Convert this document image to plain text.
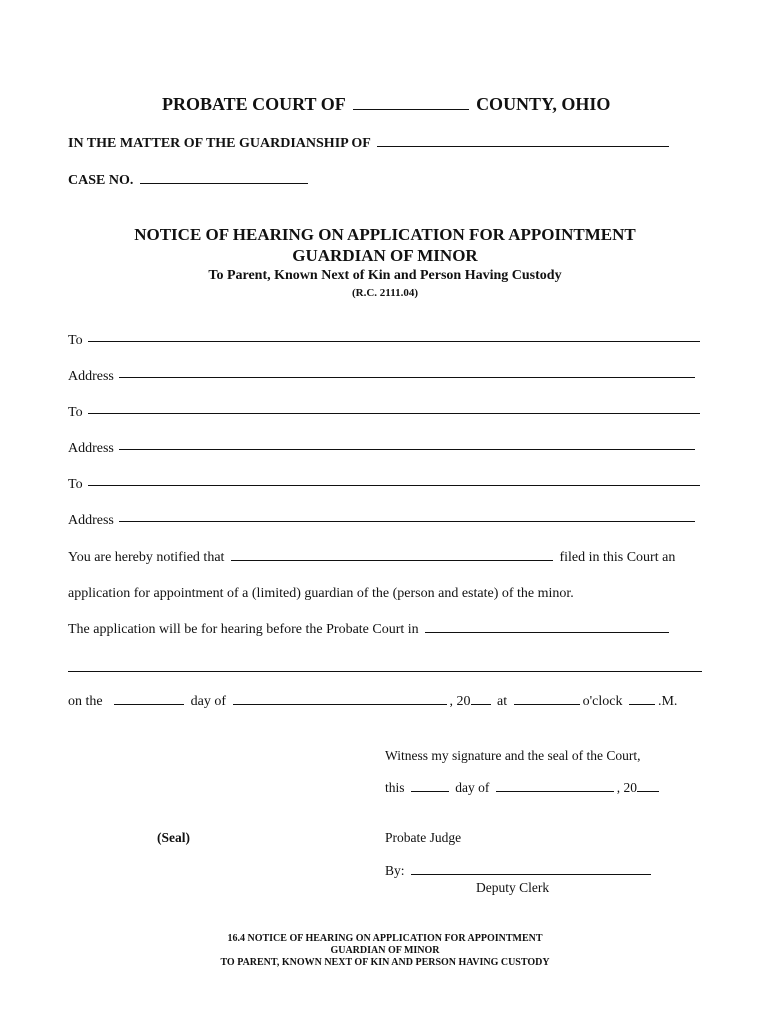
PROBATE COURT OF	COUNTY, OHIO
IN THE MATTER OF THE GUARDIANSHIP OF
CASE NO.
NOTICE OF HEARING ON APPLICATION FOR APPOINTMENT
GUARDIAN OF MINOR
To Parent, Known Next of Kin and Person Having Custody
(R.C. 2111.04)
To
Address
To
Address
To
Address
You are hereby notified that	filed in this Court an
application for appointment of a (limited) guardian of the (person and estate) of the minor.
The application will be for hearing before the Probate Court in
on the	day of	, 20 at	o'clock	.M.
Witness my signature and the seal of the Court,
this	day of	, 20
(Seal)	Probate Judge
By:
Deputy Clerk
16.4 NOTICE OF HEARING ON APPLICATION FOR APPOINTMENT
GUARDIAN OF MINOR
TO PARENT, KNOWN NEXT OF KIN AND PERSON HAVING CUSTODY
